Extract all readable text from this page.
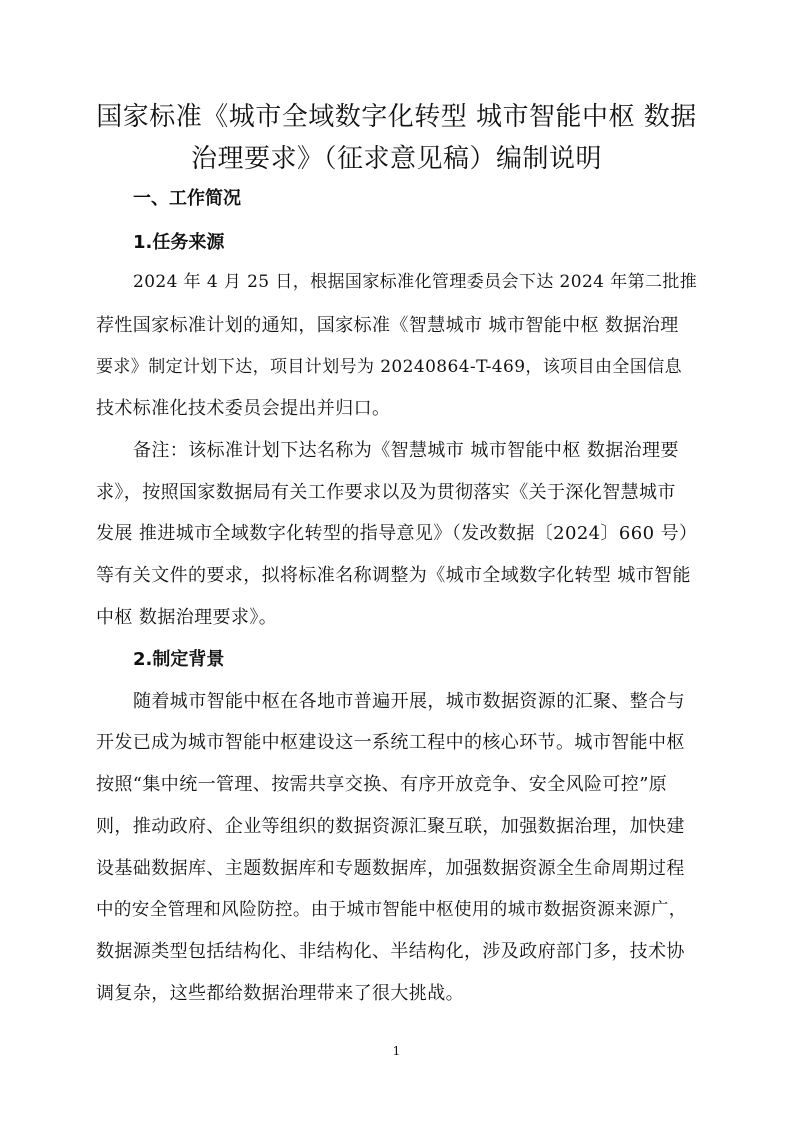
国家标准《城市全域数字化转型 城市智能中枢 数据
治理要求》（征求意见稿）编制说明
一、工作简况
1.任务来源
2024 年 4 月 25 日，根据国家标准化管理委员会下达 2024 年第二批推
荐性国家标准计划的通知，国家标准《智慧城市 城市智能中枢 数据治理
要求》制定计划下达，项目计划号为 20240864-T-469，该项目由全国信息
技术标准化技术委员会提出并归口。
备注：该标准计划下达名称为《智慧城市 城市智能中枢 数据治理要
求》，按照国家数据局有关工作要求以及为贯彻落实《关于深化智慧城市
发展 推进城市全域数字化转型的指导意见》（发改数据〔2024〕660 号）
等有关文件的要求，拟将标准名称调整为《城市全域数字化转型 城市智能
中枢 数据治理要求》。
2.制定背景
随着城市智能中枢在各地市普遍开展，城市数据资源的汇聚、整合与
开发已成为城市智能中枢建设这一系统工程中的核心环节。城市智能中枢
按照“集中统一管理、按需共享交换、有序开放竞争、安全风险可控”原
则，推动政府、企业等组织的数据资源汇聚互联，加强数据治理，加快建
设基础数据库、主题数据库和专题数据库，加强数据资源全生命周期过程
中的安全管理和风险防控。由于城市智能中枢使用的城市数据资源来源广，
数据源类型包括结构化、非结构化、半结构化，涉及政府部门多，技术协
调复杂，这些都给数据治理带来了很大挑战。
1
